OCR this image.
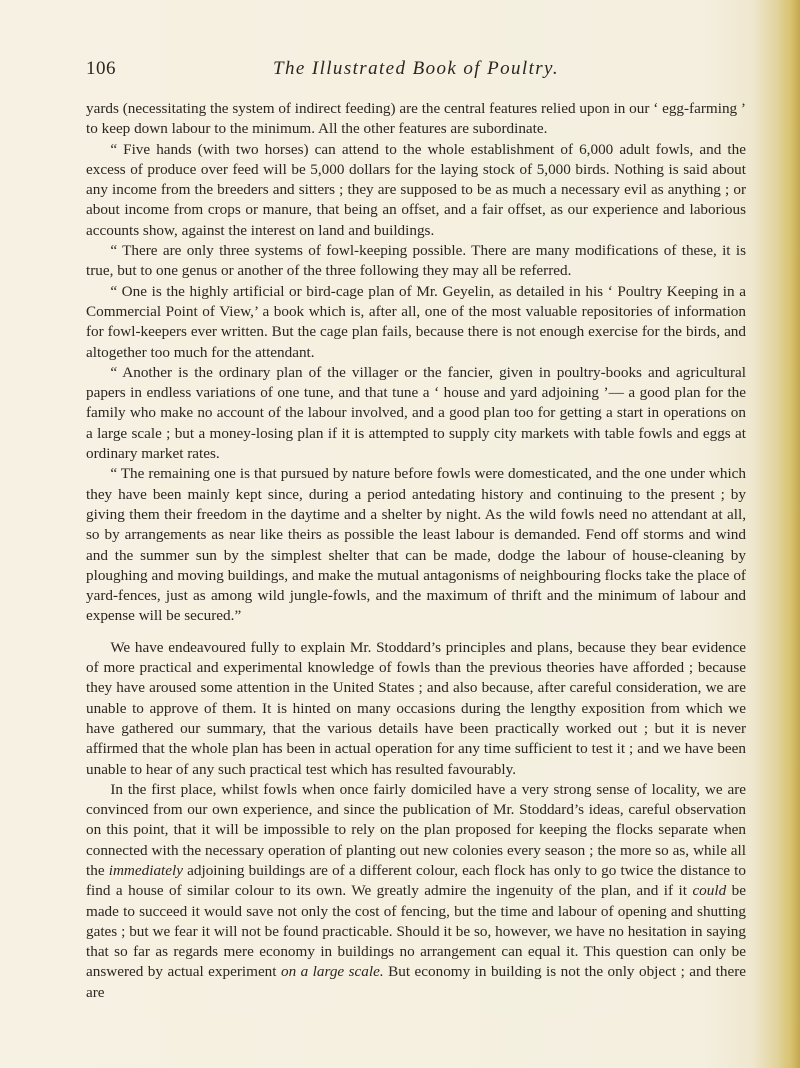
106	The Illustrated Book of Poultry.

yards (necessitating the system of indirect feeding) are the central features relied upon in our ‘ egg-farming ’ to keep down labour to the minimum. All the other features are subordinate.

“ Five hands (with two horses) can attend to the whole establishment of 6,000 adult fowls, and the excess of produce over feed will be 5,000 dollars for the laying stock of 5,000 birds. Nothing is said about any income from the breeders and sitters ; they are supposed to be as much a necessary evil as anything ; or about income from crops or manure, that being an offset, and a fair offset, as our experience and laborious accounts show, against the interest on land and buildings.

“ There are only three systems of fowl-keeping possible. There are many modifications of these, it is true, but to one genus or another of the three following they may all be referred.

“ One is the highly artificial or bird-cage plan of Mr. Geyelin, as detailed in his ‘ Poultry Keeping in a Commercial Point of View,’ a book which is, after all, one of the most valuable repositories of information for fowl-keepers ever written. But the cage plan fails, because there is not enough exercise for the birds, and altogether too much for the attendant.

“ Another is the ordinary plan of the villager or the fancier, given in poultry-books and agricultural papers in endless variations of one tune, and that tune a ‘ house and yard adjoining ’— a good plan for the family who make no account of the labour involved, and a good plan too for getting a start in operations on a large scale ; but a money-losing plan if it is attempted to supply city markets with table fowls and eggs at ordinary market rates.

“ The remaining one is that pursued by nature before fowls were domesticated, and the one under which they have been mainly kept since, during a period antedating history and continuing to the present ; by giving them their freedom in the daytime and a shelter by night. As the wild fowls need no attendant at all, so by arrangements as near like theirs as possible the least labour is demanded. Fend off storms and wind and the summer sun by the simplest shelter that can be made, dodge the labour of house-cleaning by ploughing and moving buildings, and make the mutual antagonisms of neighbouring flocks take the place of yard-fences, just as among wild jungle-fowls, and the maximum of thrift and the minimum of labour and expense will be secured.”

We have endeavoured fully to explain Mr. Stoddard’s principles and plans, because they bear evidence of more practical and experimental knowledge of fowls than the previous theories have afforded ; because they have aroused some attention in the United States ; and also because, after careful consideration, we are unable to approve of them. It is hinted on many occasions during the lengthy exposition from which we have gathered our summary, that the various details have been practically worked out ; but it is never affirmed that the whole plan has been in actual operation for any time sufficient to test it ; and we have been unable to hear of any such practical test which has resulted favourably.

In the first place, whilst fowls when once fairly domiciled have a very strong sense of locality, we are convinced from our own experience, and since the publication of Mr. Stoddard’s ideas, careful observation on this point, that it will be impossible to rely on the plan proposed for keeping the flocks separate when connected with the necessary operation of planting out new colonies every season ; the more so as, while all the immediately adjoining buildings are of a different colour, each flock has only to go twice the distance to find a house of similar colour to its own. We greatly admire the ingenuity of the plan, and if it could be made to succeed it would save not only the cost of fencing, but the time and labour of opening and shutting gates ; but we fear it will not be found practicable. Should it be so, however, we have no hesitation in saying that so far as regards mere economy in buildings no arrangement can equal it. This question can only be answered by actual experiment on a large scale. But economy in building is not the only object ; and there are
